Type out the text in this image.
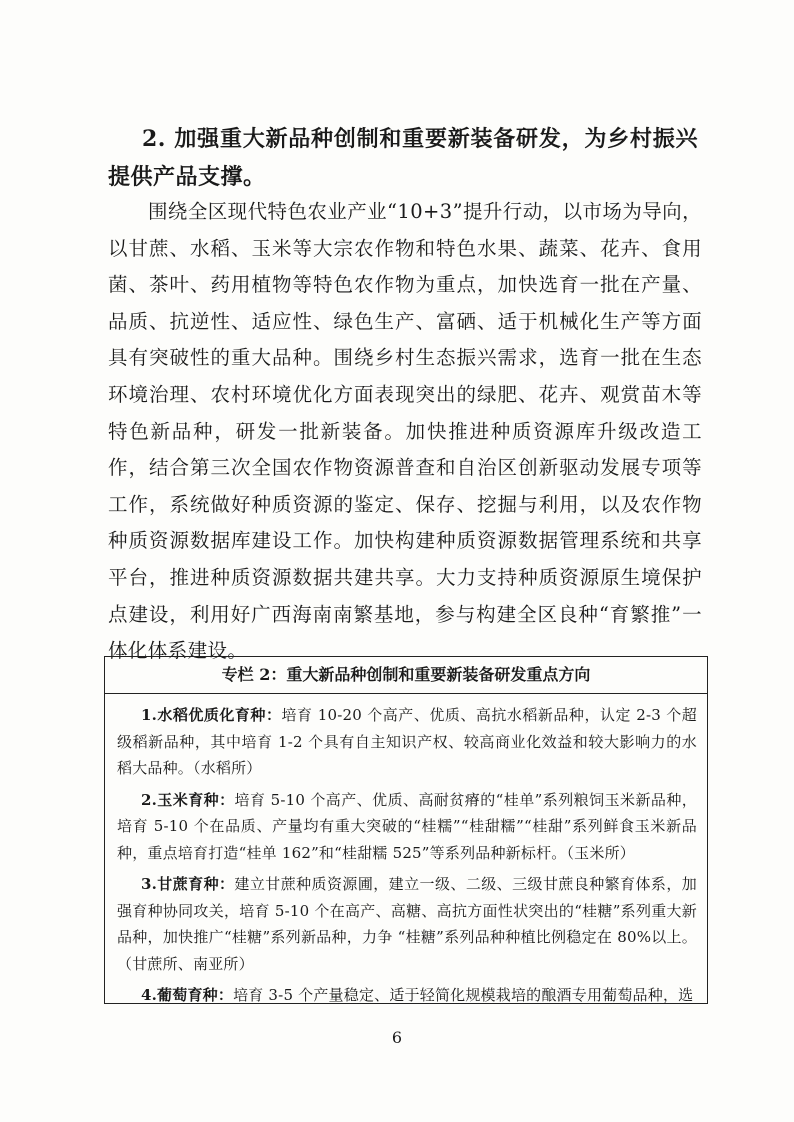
2. 加强重大新品种创制和重要新装备研发，为乡村振兴提供产品支撑。

围绕全区现代特色农业产业“10+3”提升行动，以市场为导向，以甘蔗、水稻、玉米等大宗农作物和特色水果、蔬菜、花卉、食用菌、茶叶、药用植物等特色农作物为重点，加快选育一批在产量、品质、抗逆性、适应性、绿色生产、富硒、适于机械化生产等方面具有突破性的重大品种。围绕乡村生态振兴需求，选育一批在生态环境治理、农村环境优化方面表现突出的绿肥、花卉、观赏苗木等特色新品种，研发一批新装备。加快推进种质资源库升级改造工作，结合第三次全国农作物资源普查和自治区创新驱动发展专项等工作，系统做好种质资源的鉴定、保存、挖掘与利用，以及农作物种质资源数据库建设工作。加快构建种质资源数据管理系统和共享平台，推进种质资源数据共建共享。大力支持种质资源原生境保护点建设，利用好广西海南南繁基地，参与构建全区良种“育繁推”一体化体系建设。

专栏 2：重大新品种创制和重要新装备研发重点方向

1.水稻优质化育种：培育 10-20 个高产、优质、高抗水稻新品种，认定 2-3 个超级稻新品种，其中培育 1-2 个具有自主知识产权、较高商业化效益和较大影响力的水稻大品种。（水稻所）

2.玉米育种：培育 5-10 个高产、优质、高耐贫瘠的“桂单”系列粮饲玉米新品种，培育 5-10 个在品质、产量均有重大突破的“桂糯”“桂甜糯”“桂甜”系列鲜食玉米新品种，重点培育打造“桂单 162”和“桂甜糯 525”等系列品种新标杆。（玉米所）

3.甘蔗育种：建立甘蔗种质资源圃，建立一级、二级、三级甘蔗良种繁育体系，加强育种协同攻关，培育 5-10 个在高产、高糖、高抗方面性状突出的“桂糖”系列重大新品种，加快推广“桂糖”系列新品种，力争 “桂糖”系列品种种植比例稳定在 80%以上。（甘蔗所、南亚所）

4.葡萄育种：培育 3-5 个产量稳定、适于轻简化规模栽培的酿酒专用葡萄品种，选

6
